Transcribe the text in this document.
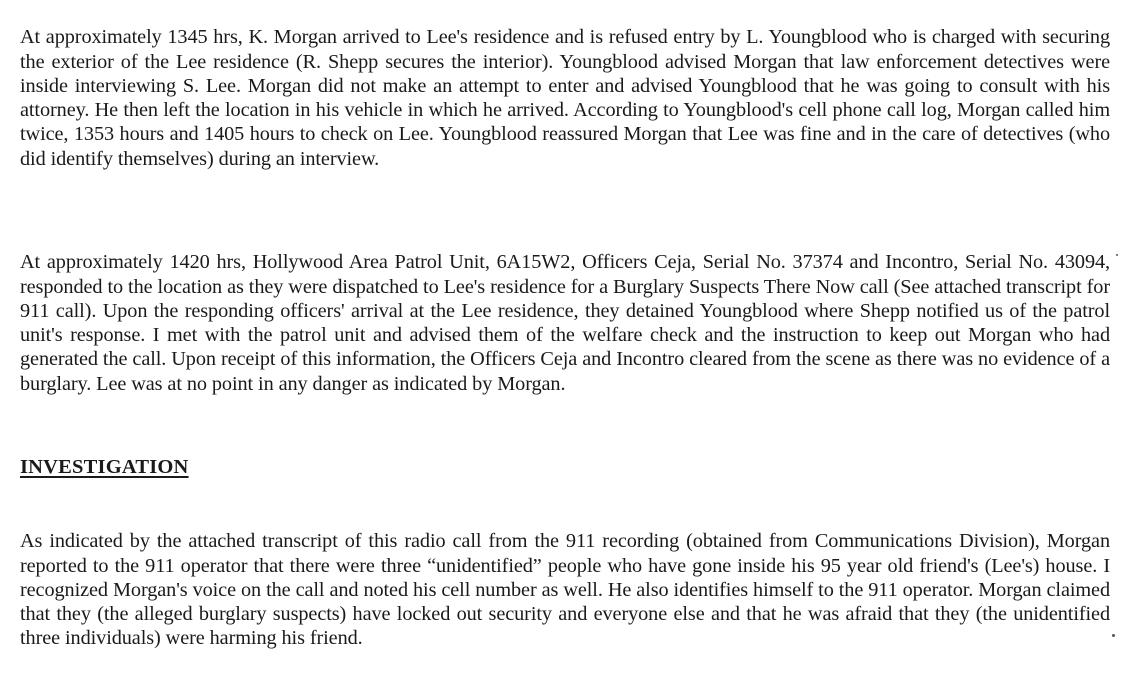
At approximately 1345 hrs, K. Morgan arrived to Lee's residence and is refused entry by L. Youngblood who is charged with securing the exterior of the Lee residence (R. Shepp secures the interior). Youngblood advised Morgan that law enforcement detectives were inside interviewing S. Lee. Morgan did not make an attempt to enter and advised Youngblood that he was going to consult with his attorney. He then left the location in his vehicle in which he arrived. According to Youngblood's cell phone call log, Morgan called him twice, 1353 hours and 1405 hours to check on Lee. Youngblood reassured Morgan that Lee was fine and in the care of detectives (who did identify themselves) during an interview.

At approximately 1420 hrs, Hollywood Area Patrol Unit, 6A15W2, Officers Ceja, Serial No. 37374 and Incontro, Serial No. 43094, responded to the location as they were dispatched to Lee's residence for a Burglary Suspects There Now call (See attached transcript for 911 call). Upon the responding officers' arrival at the Lee residence, they detained Youngblood where Shepp notified us of the patrol unit's response. I met with the patrol unit and advised them of the welfare check and the instruction to keep out Morgan who had generated the call. Upon receipt of this information, the Officers Ceja and Incontro cleared from the scene as there was no evidence of a burglary. Lee was at no point in any danger as indicated by Morgan.

INVESTIGATION

As indicated by the attached transcript of this radio call from the 911 recording (obtained from Communications Division), Morgan reported to the 911 operator that there were three “unidentified” people who have gone inside his 95 year old friend's (Lee's) house. I recognized Morgan's voice on the call and noted his cell number as well. He also identifies himself to the 911 operator. Morgan claimed that they (the alleged burglary suspects) have locked out security and everyone else and that he was afraid that they (the unidentified three individuals) were harming his friend.
